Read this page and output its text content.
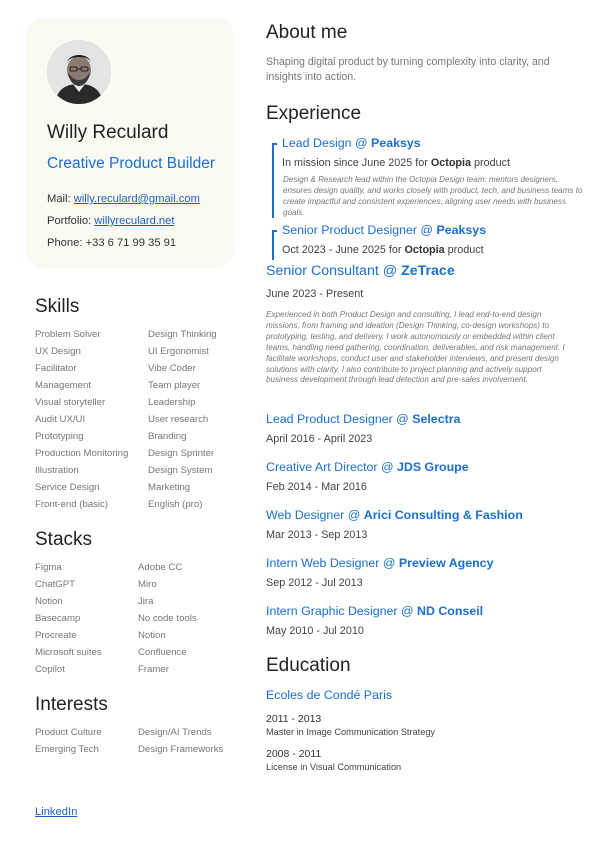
Willy Reculard
Creative Product Builder
Mail: willy.reculard@gmail.com
Portfolio: willyreculard.net
Phone: +33 6 71 99 35 91
Skills
Problem Solver
UX Design
Facilitator
Management
Visual storyteller
Audit UX/UI
Prototyping
Production Monitoring
Illustration
Service Design
Front-end (basic)
Design Thinking
UI Ergonomist
Vibe Coder
Team player
Leadership
User research
Branding
Design Sprinter
Design System
Marketing
English (pro)
Stacks
Figma
ChatGPT
Notion
Basecamp
Procreate
Microsoft suites
Copilot
Adobe CC
Miro
Jira
No code tools
Notion
Confluence
Framer
Interests
Product Culture
Emerging Tech
Design/AI Trends
Design Frameworks
LinkedIn
About me
Shaping digital product by turning complexity into clarity, and insights into action.
Experience
Lead Design @ Peaksys
In mission since June 2025 for Octopia product
Design & Research lead within the Octopia Design team: mentors designers, ensures design quality, and works closely with product, tech, and business teams to create impactful and consistent experiences, aligning user needs with business goals.
Senior Product Designer @ Peaksys
Oct 2023 - June 2025 for Octopia product
Senior Consultant @ ZeTrace
June 2023 - Present
Experienced in both Product Design and consulting, I lead end-to-end design missions, from framing and ideation (Design Thinking, co-design workshops) to prototyping, testing, and delivery. I work autonomously or embedded within client teams, handling need gathering, coordination, deliverables, and risk management. I facilitate workshops, conduct user and stakeholder interviews, and present design solutions with clarity. I also contribute to project planning and actively support business development through lead detection and pre-sales involvement.
Lead Product Designer @ Selectra
April 2016 - April 2023
Creative Art Director @ JDS Groupe
Feb 2014 - Mar 2016
Web Designer @ Arici Consulting & Fashion
Mar 2013 - Sep 2013
Intern Web Designer @ Preview Agency
Sep 2012 - Jul 2013
Intern Graphic Designer @ ND Conseil
May 2010 - Jul 2010
Education
Ecoles de Condé Paris
2011 - 2013
Master in Image Communication Strategy
2008 - 2011
License in Visual Communication
